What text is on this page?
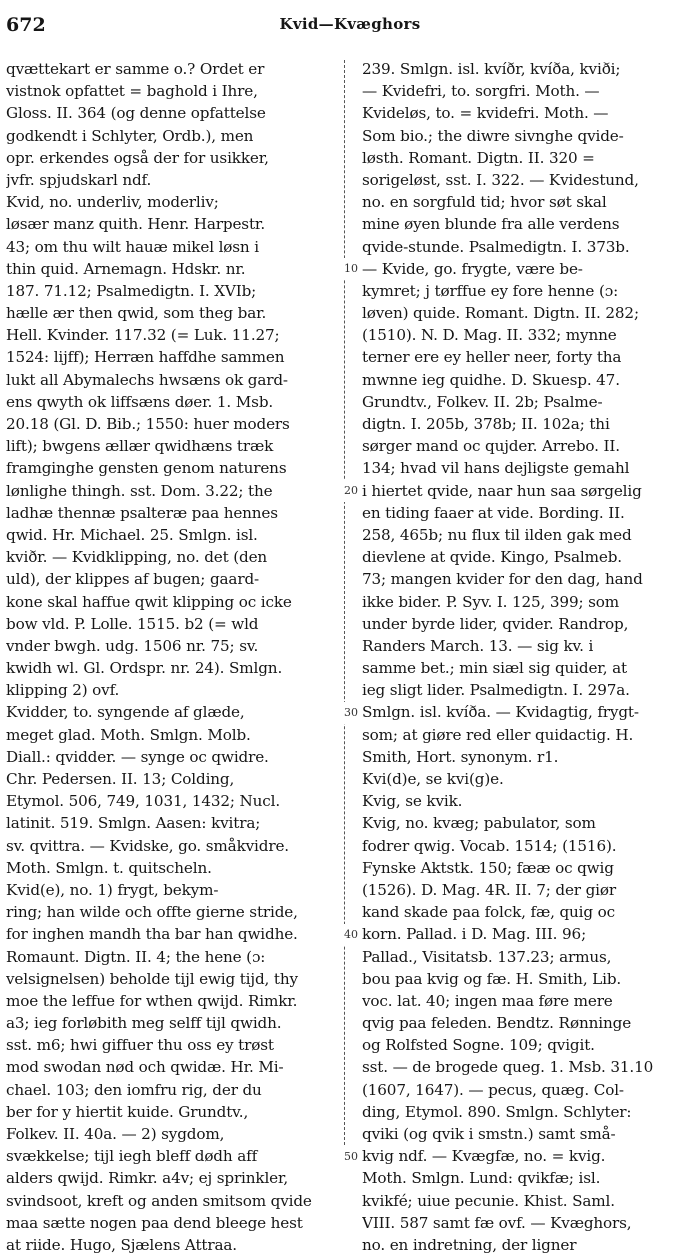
672	Kvid—Kvæghors
qvættekart er samme o.? Ordet er
vistnok opfattet = baghold i Ihre,
Gloss. II. 364 (og denne opfattelse
godkendt i Schlyter, Ordb.), men
opr. erkendes også der for usikker,
jvfr. spjudskarl ndf.
Kvid, no. underliv, moderliv;
løsær manz quith. Henr. Harpestr.
43; om thu wilt hauæ mikel løsn i
thin quid. Arnemagn. Hdskr. nr.
187. 71.12; Psalmedigtn. I. XVIb;
hælle ær then qwid, som theg bar.
Hell. Kvinder. 117.32 (= Luk. 11.27;
1524: lijff); Herræn haffdhe sammen
lukt all Abymalechs hwsæns ok gard-
ens qwyth ok liffsæns døer. 1. Msb.
20.18 (Gl. D. Bib.; 1550: huer moders
lift); bwgens ællær qwidhæns træk
framginghe gensten genom naturens
lønlighe thingh. sst. Dom. 3.22; the
ladhæ thennæ psalteræ paa hennes
qwid. Hr. Michael. 25. Smlgn. isl.
kviðr. — Kvidklipping, no. det (den
uld), der klippes af bugen; gaard-
kone skal haffue qwit klipping oc icke
bow vld. P. Lolle. 1515. b2 (= wld
vnder bwgh. udg. 1506 nr. 75; sv.
kwidh wl. Gl. Ordspr. nr. 24). Smlgn.
klipping 2) ovf.
Kvidder, to. syngende af glæde,
meget glad. Moth. Smlgn. Molb.
Diall.: qvidder. — synge oc qwidre.
Chr. Pedersen. II. 13; Colding,
Etymol. 506, 749, 1031, 1432; Nucl.
latinit. 519. Smlgn. Aasen: kvitra;
sv. qvittra. — Kvidske, go. småkvidre.
Moth. Smlgn. t. quitscheln.
Kvid(e), no. 1) frygt, bekym-
ring; han wilde och offte gierne stride,
for inghen mandh tha bar han qwidhe.
Romaunt. Digtn. II. 4; the hene (ɔ:
velsignelsen) beholde tijl ewig tijd, thy
moe the leffue for wthen qwijd. Rimkr.
a3; ieg forløbith meg selff tijl qwidh.
sst. m6; hwi giffuer thu oss ey trøst
mod swodan nød och qwidæ. Hr. Mi-
chael. 103; den iomfru rig, der du
ber for y hiertit kuide. Grundtv.,
Folkev. II. 40a. — 2) sygdom,
svækkelse; tijl iegh bleff dødh aff
alders qwijd. Rimkr. a4v; ej sprinkler,
svindsoot, kreft og anden smitsom qvide
maa sætte nogen paa dend bleege hest
at riide. Hugo, Sjælens Attraa.
10
20
30
40
50
239. Smlgn. isl. kvíðr, kvíða, kviði;
— Kvidefri, to. sorgfri. Moth. —
Kvideløs, to. = kvidefri. Moth. —
Som bio.; the diwre sivnghe qvide-
løsth. Romant. Digtn. II. 320 =
sorigeløst, sst. I. 322. — Kvidestund,
no. en sorgfuld tid; hvor søt skal
mine øyen blunde fra alle verdens
qvide-stunde. Psalmedigtn. I. 373b.
— Kvide, go. frygte, være be-
kymret; j tørffue ey fore henne (ɔ:
løven) quide. Romant. Digtn. II. 282;
(1510). N. D. Mag. II. 332; mynne
terner ere ey heller neer, forty tha
mwnne ieg quidhe. D. Skuesp. 47.
Grundtv., Folkev. II. 2b; Psalme-
digtn. I. 205b, 378b; II. 102a; thi
sørger mand oc qujder. Arrebo. II.
134; hvad vil hans dejligste gemahl
i hiertet qvide, naar hun saa sørgelig
en tiding faaer at vide. Bording. II.
258, 465b; nu flux til ilden gak med
dievlene at qvide. Kingo, Psalmeb.
73; mangen kvider for den dag, hand
ikke bider. P. Syv. I. 125, 399; som
under byrde lider, qvider. Randrop,
Randers March. 13. — sig kv. i
samme bet.; min siæl sig quider, at
ieg sligt lider. Psalmedigtn. I. 297a.
Smlgn. isl. kvíða. — Kvidagtig, frygt-
som; at giøre red eller quidactig. H.
Smith, Hort. synonym. r1.
Kvi(d)e, se kvi(g)e.
Kvig, se kvik.
Kvig, no. kvæg; pabulator, som
fodrer qwig. Vocab. 1514; (1516).
Fynske Aktstk. 150; fææ oc qwig
(1526). D. Mag. 4R. II. 7; der giør
kand skade paa folck, fæ, quig oc
korn. Pallad. i D. Mag. III. 96;
Pallad., Visitatsb. 137.23; armus,
bou paa kvig og fæ. H. Smith, Lib.
voc. lat. 40; ingen maa føre mere
qvig paa feleden. Bendtz. Rønninge
og Rolfsted Sogne. 109; qvigit.
sst. — de brogede queg. 1. Msb. 31.10
(1607, 1647). — pecus, quæg. Col-
ding, Etymol. 890. Smlgn. Schlyter:
qviki (og qvik i smstn.) samt små-
kvig ndf. — Kvægfæ, no. = kvig.
Moth. Smlgn. Lund: qvikfæ; isl.
kvikfé; uiue pecunie. Khist. Saml.
VIII. 587 samt fæ ovf. — Kvæghors,
no. en indretning, der ligner
